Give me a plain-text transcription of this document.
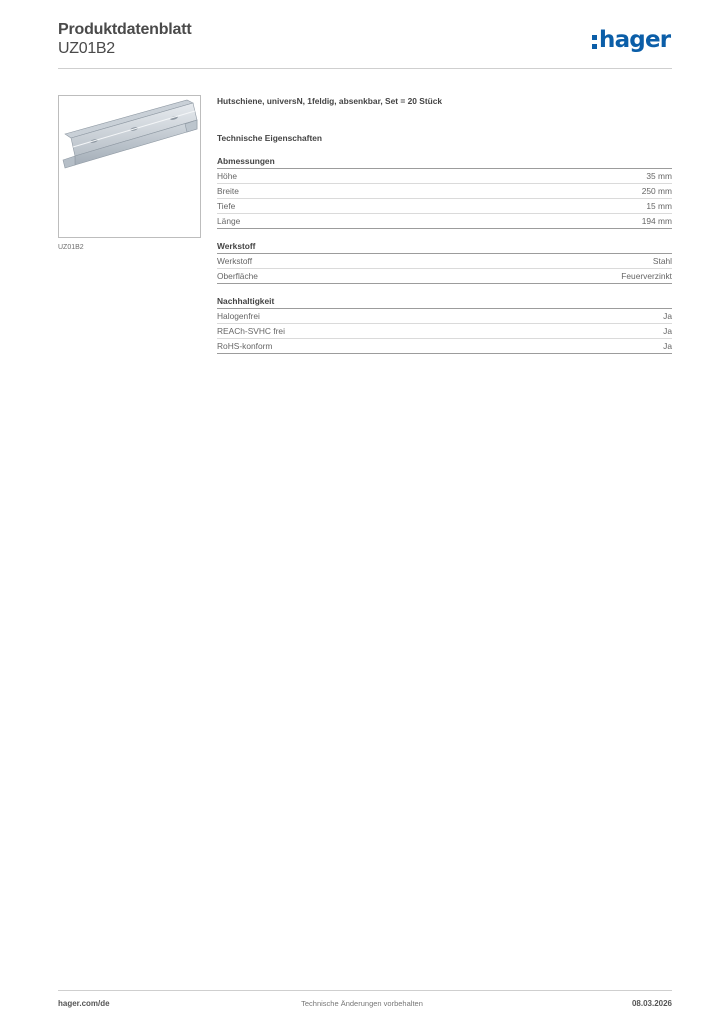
Produktdatenblatt
UZ01B2	hager
UZ01B2
Hutschiene, universN, 1feldig, absenkbar, Set = 20 Stück
Technische Eigenschaften
Abmessungen
Höhe	35 mm
Breite	250 mm
Tiefe	15 mm
Länge	194 mm
Werkstoff
Werkstoff	Stahl
Oberfläche	Feuerverzinkt
Nachhaltigkeit
Halogenfrei	Ja
REACh-SVHC frei	Ja
RoHS-konform	Ja
hager.com/de	Technische Änderungen vorbehalten	08.03.2026
